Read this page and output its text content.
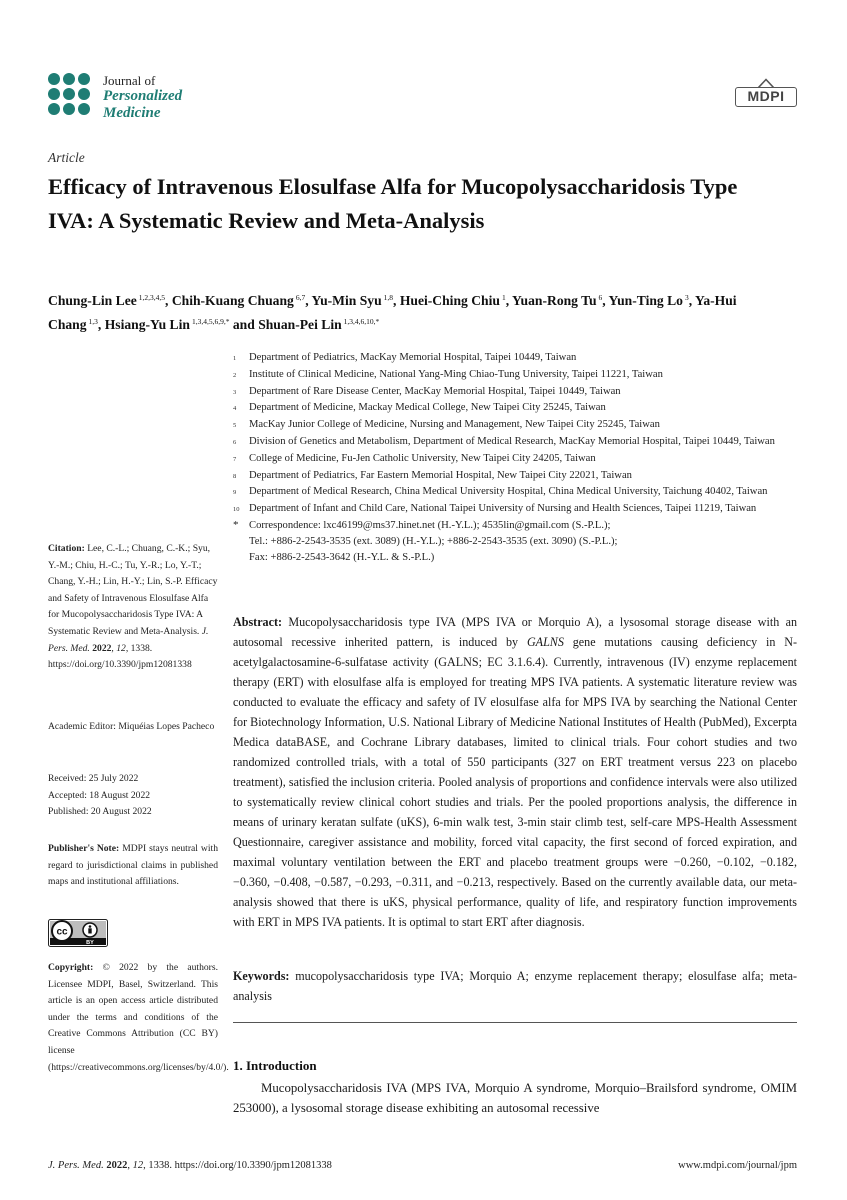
Journal of
Personalized
Medicine
MDPI
Article
Efficacy of Intravenous Elosulfase Alfa for Mucopolysaccharidosis Type IVA: A Systematic Review and Meta-Analysis
Chung-Lin Lee $^{1,2,3,4,5}$, Chih-Kuang Chuang $^{6,7}$, Yu-Min Syu $^{1,8}$, Huei-Ching Chiu $^1$, Yuan-Rong Tu $^6$, Yun-Ting Lo $^3$, Ya-Hui Chang $^{1,3}$, Hsiang-Yu Lin $^{1,3,4,5,6,9,*}$ and Shuan-Pei Lin $^{1,3,4,6,10,*}$
1	Department of Pediatrics, MacKay Memorial Hospital, Taipei 10449, Taiwan
2	Institute of Clinical Medicine, National Yang-Ming Chiao-Tung University, Taipei 11221, Taiwan
3	Department of Rare Disease Center, MacKay Memorial Hospital, Taipei 10449, Taiwan
4	Department of Medicine, Mackay Medical College, New Taipei City 25245, Taiwan
5	MacKay Junior College of Medicine, Nursing and Management, New Taipei City 25245, Taiwan
6	Division of Genetics and Metabolism, Department of Medical Research, MacKay Memorial Hospital, Taipei 10449, Taiwan
7	College of Medicine, Fu-Jen Catholic University, New Taipei City 24205, Taiwan
8	Department of Pediatrics, Far Eastern Memorial Hospital, New Taipei City 22021, Taiwan
9	Department of Medical Research, China Medical University Hospital, China Medical University, Taichung 40402, Taiwan
10 Department of Infant and Child Care, National Taipei University of Nursing and Health Sciences, Taipei 11219, Taiwan
* Correspondence: lxc46199@ms37.hinet.net (H.-Y.L.); 4535lin@gmail.com (S.-P.L.);
Tel.: +886-2-2543-3535 (ext. 3089) (H.-Y.L.); +886-2-2543-3535 (ext. 3090) (S.-P.L.);
Fax: +886-2-2543-3642 (H.-Y.L. & S.-P.L.)
Citation: Lee, C.-L.; Chuang, C.-K.; Syu, Y.-M.; Chiu, H.-C.; Tu, Y.-R.; Lo, Y.-T.; Chang, Y.-H.; Lin, H.-Y.; Lin, S.-P. Efficacy and Safety of Intravenous Elosulfase Alfa for Mucopolysaccharidosis Type IVA: A Systematic Review and Meta-Analysis. J. Pers. Med. 2022, 12, 1338. https://doi.org/10.3390/jpm12081338
Academic Editor: Miquéias Lopes Pacheco
Received: 25 July 2022
Accepted: 18 August 2022
Published: 20 August 2022
Publisher's Note: MDPI stays neutral with regard to jurisdictional claims in published maps and institutional affiliations.
cc
BY
Copyright: © 2022 by the authors. Licensee MDPI, Basel, Switzerland. This article is an open access article distributed under the terms and conditions of the Creative Commons Attribution (CC BY) license (https://creativecommons.org/licenses/by/4.0/).
Abstract: Mucopolysaccharidosis type IVA (MPS IVA or Morquio A), a lysosomal storage disease with an autosomal recessive inherited pattern, is induced by GALNS gene mutations causing deficiency in N-acetylgalactosamine-6-sulfatase activity (GALNS; EC 3.1.6.4). Currently, intravenous (IV) enzyme replacement therapy (ERT) with elosulfase alfa is employed for treating MPS IVA patients. A systematic literature review was conducted to evaluate the efficacy and safety of IV elosulfase alfa for MPS IVA by searching the National Center for Biotechnology Information, U.S. National Library of Medicine National Institutes of Health (PubMed), Excerpta Medica dataBASE, and Cochrane Library databases, limited to clinical trials. Four cohort studies and two randomized controlled trials, with a total of 550 participants (327 on ERT treatment versus 223 on placebo treatment), satisfied the inclusion criteria. Pooled analysis of proportions and confidence intervals were also utilized to systematically review clinical cohort studies and trials. Per the pooled proportions analysis, the difference in means of urinary keratan sulfate (uKS), 6-min walk test, 3-min stair climb test, self-care MPS-Health Assessment Questionnaire, caregiver assistance and mobility, forced vital capacity, the first second of forced expiration, and maximal voluntary ventilation between the ERT and placebo treatment groups were −0.260, −0.102, −0.182, −0.360, −0.408, −0.587, −0.293, −0.311, and −0.213, respectively. Based on the currently available data, our meta-analysis showed that there is uKS, physical performance, quality of life, and respiratory function improvements with ERT in MPS IVA patients. It is optimal to start ERT after diagnosis.
Keywords: mucopolysaccharidosis type IVA; Morquio A; enzyme replacement therapy; elosulfase alfa; meta-analysis
1. Introduction

Mucopolysaccharidosis IVA (MPS IVA, Morquio A syndrome, Morquio–Brailsford syndrome, OMIM 253000), a lysosomal storage disease exhibiting an autosomal recessive

J. Pers. Med. 2022, 12, 1338. https://doi.org/10.3390/jpm12081338	www.mdpi.com/journal/jpm
